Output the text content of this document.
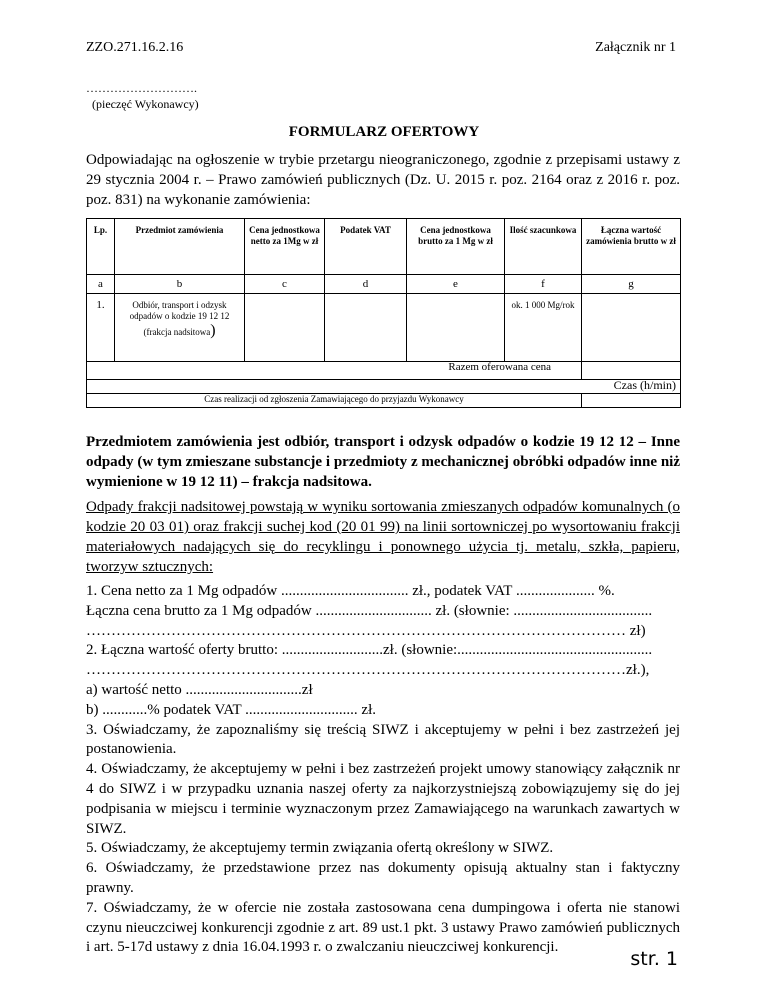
ZZO.271.16.2.16	Załącznik nr 1
……………………….
(pieczęć Wykonawcy)
FORMULARZ OFERTOWY
Odpowiadając na ogłoszenie w trybie przetargu nieograniczonego, zgodnie z przepisami ustawy z 29 stycznia 2004 r. – Prawo zamówień publicznych (Dz. U. 2015 r. poz. 2164 oraz z 2016 r. poz. poz. 831) na wykonanie zamówienia:
Lp.	Przedmiot zamówienia	Cena jednostkowa netto za 1Mg w zł	Podatek VAT	Cena jednostkowa brutto za 1 Mg w zł	Ilość szacunkowa	Łączna wartość zamówienia brutto w zł
a	b	c	d	e	f	g
1.	Odbiór, transport i odzysk odpadów o kodzie 19 12 12
(frakcja nadsitowa)				ok. 1 000 Mg/rok	
Razem oferowana cena						
Czas (h/min)						
Czas realizacji od zgłoszenia Zamawiającego do przyjazdu Wykonawcy						
Przedmiotem zamówienia jest odbiór, transport i odzysk odpadów o kodzie 19 12 12 – Inne odpady (w tym zmieszane substancje i przedmioty z mechanicznej obróbki odpadów inne niż wymienione w 19 12 11) – frakcja nadsitowa.
Odpady frakcji nadsitowej powstają w wyniku sortowania zmieszanych odpadów komunalnych (o kodzie 20 03 01) oraz frakcji suchej kod (20 01 99) na linii sortowniczej po wysortowaniu frakcji materiałowych nadających się do recyklingu i ponownego użycia tj. metalu, szkła, papieru, tworzyw sztucznych:

1. Cena netto za 1 Mg odpadów .................................. zł., podatek VAT ..................... %.

Łączna cena brutto za 1 Mg odpadów ............................... zł. (słownie: .....................................

……………………………………………………………………………………………… zł)

2. Łączna wartość oferty brutto: ...........................zł. (słownie:....................................................

………………………………………………………………………………………………zł.),

a) wartość netto ...............................zł

b) ............% podatek VAT .............................. zł.

3. Oświadczamy, że zapoznaliśmy się treścią SIWZ i akceptujemy w pełni i bez zastrzeżeń jej postanowienia.

4. Oświadczamy, że akceptujemy w pełni i bez zastrzeżeń projekt umowy stanowiący załącznik nr 4 do SIWZ i w przypadku uznania naszej oferty za najkorzystniejszą zobowiązujemy się do jej podpisania w miejscu i terminie wyznaczonym przez Zamawiającego na warunkach zawartych w SIWZ.

5. Oświadczamy, że akceptujemy termin związania ofertą określony w SIWZ.

6. Oświadczamy, że przedstawione przez nas dokumenty opisują aktualny stan i faktyczny prawny.

7. Oświadczamy, że w ofercie nie została zastosowana cena dumpingowa i oferta nie stanowi czynu nieuczciwej konkurencji zgodnie z art. 89 ust.1 pkt. 3 ustawy Prawo zamówień publicznych i art. 5-17d ustawy z dnia 16.04.1993 r. o zwalczaniu nieuczciwej konkurencji.

str. 1
